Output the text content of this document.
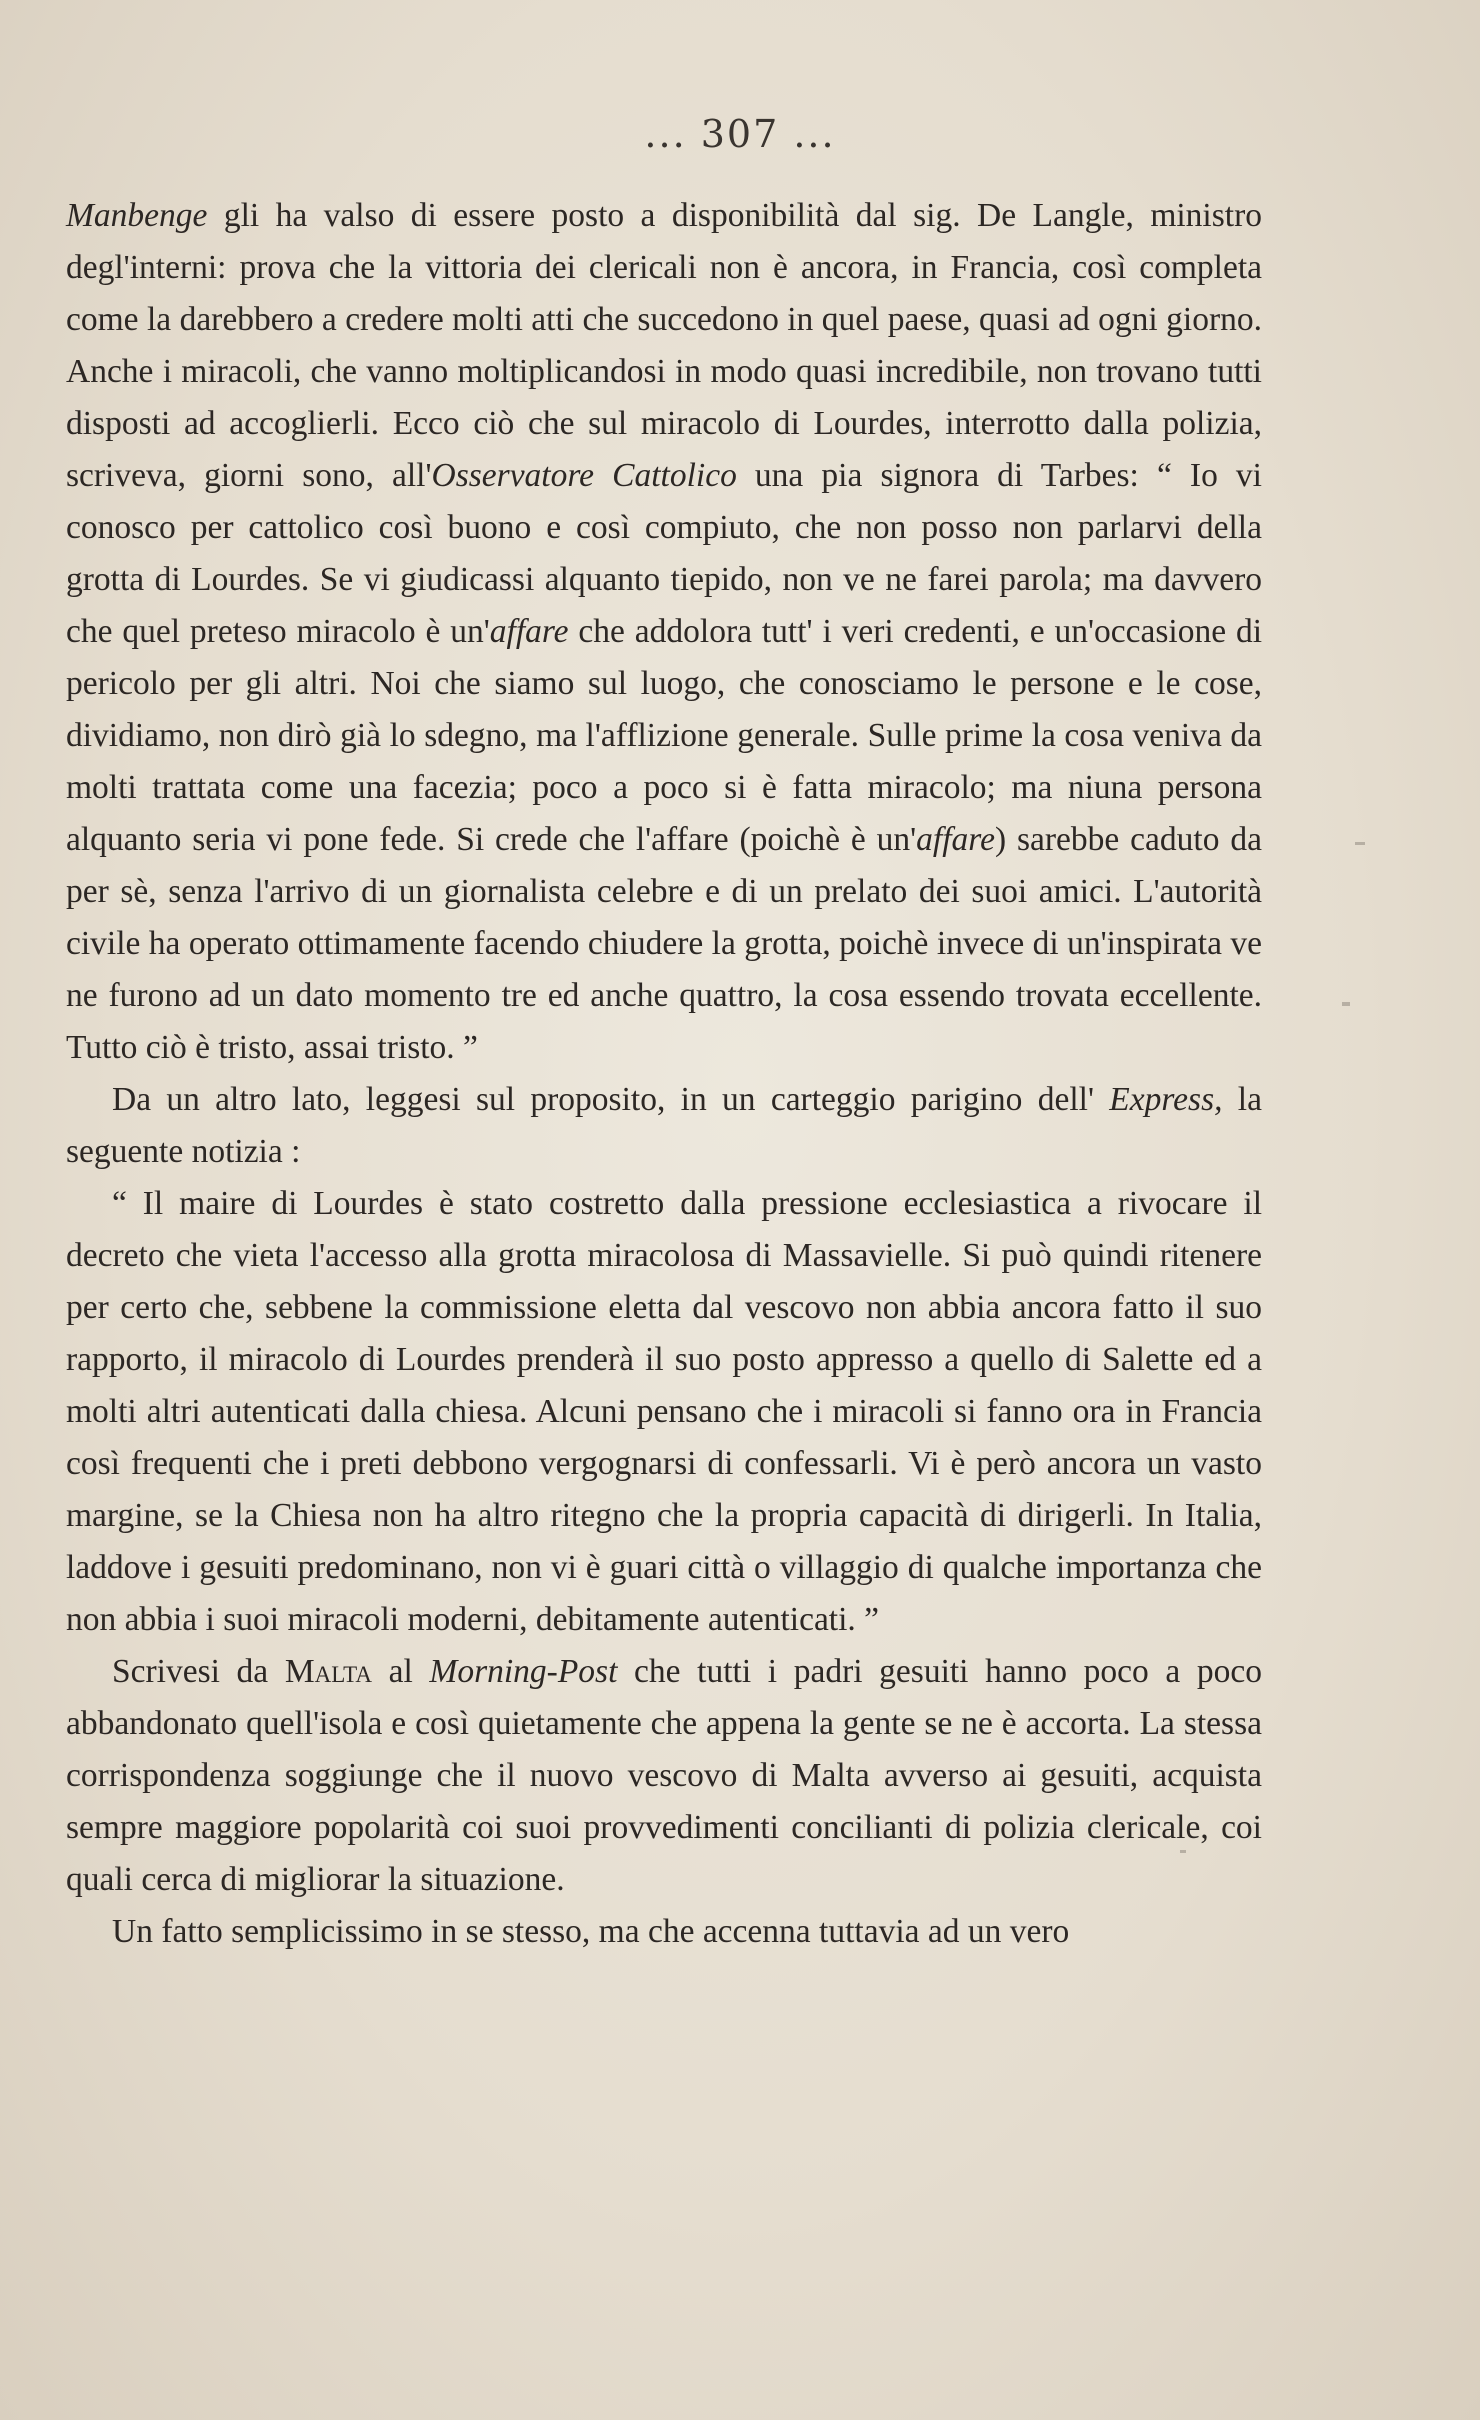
... 307 ...

Manbenge gli ha valso di essere posto a disponibilità dal sig. De Langle, ministro degl'interni: prova che la vittoria dei clericali non è ancora, in Francia, così completa come la darebbero a credere molti atti che succedono in quel paese, quasi ad ogni giorno. Anche i miracoli, che vanno moltiplicandosi in modo quasi incredibile, non trovano tutti disposti ad accoglierli. Ecco ciò che sul miracolo di Lourdes, interrotto dalla polizia, scriveva, giorni sono, all'Osservatore Cattolico una pia signora di Tarbes: “ Io vi conosco per cattolico così buono e così compiuto, che non posso non parlarvi della grotta di Lourdes. Se vi giudicassi alquanto tiepido, non ve ne farei parola; ma davvero che quel preteso miracolo è un'affare che addolora tutt' i veri credenti, e un'occasione di pericolo per gli altri. Noi che siamo sul luogo, che conosciamo le persone e le cose, dividiamo, non dirò già lo sdegno, ma l'afflizione generale. Sulle prime la cosa veniva da molti trattata come una facezia; poco a poco si è fatta miracolo; ma niuna persona alquanto seria vi pone fede. Si crede che l'affare (poichè è un'affare) sarebbe caduto da per sè, senza l'arrivo di un giornalista celebre e di un prelato dei suoi amici. L'autorità civile ha operato ottimamente facendo chiudere la grotta, poichè invece di un'inspirata ve ne furono ad un dato momento tre ed anche quattro, la cosa essendo trovata eccellente. Tutto ciò è tristo, assai tristo. ”

Da un altro lato, leggesi sul proposito, in un carteggio parigino dell' Express, la seguente notizia :

“ Il maire di Lourdes è stato costretto dalla pressione ecclesiastica a rivocare il decreto che vieta l'accesso alla grotta miracolosa di Massavielle. Si può quindi ritenere per certo che, sebbene la commissione eletta dal vescovo non abbia ancora fatto il suo rapporto, il miracolo di Lourdes prenderà il suo posto appresso a quello di Salette ed a molti altri autenticati dalla chiesa. Alcuni pensano che i miracoli si fanno ora in Francia così frequenti che i preti debbono vergognarsi di confessarli. Vi è però ancora un vasto margine, se la Chiesa non ha altro ritegno che la propria capacità di dirigerli. In Italia, laddove i gesuiti predominano, non vi è guari città o villaggio di qualche importanza che non abbia i suoi miracoli moderni, debitamente autenticati. ”

Scrivesi da Malta al Morning-Post che tutti i padri gesuiti hanno poco a poco abbandonato quell'isola e così quietamente che appena la gente se ne è accorta. La stessa corrispondenza soggiunge che il nuovo vescovo di Malta avverso ai gesuiti, acquista sempre maggiore popolarità coi suoi provvedimenti concilianti di polizia clericale, coi quali cerca di migliorar la situazione.

Un fatto semplicissimo in se stesso, ma che accenna tuttavia ad un vero
